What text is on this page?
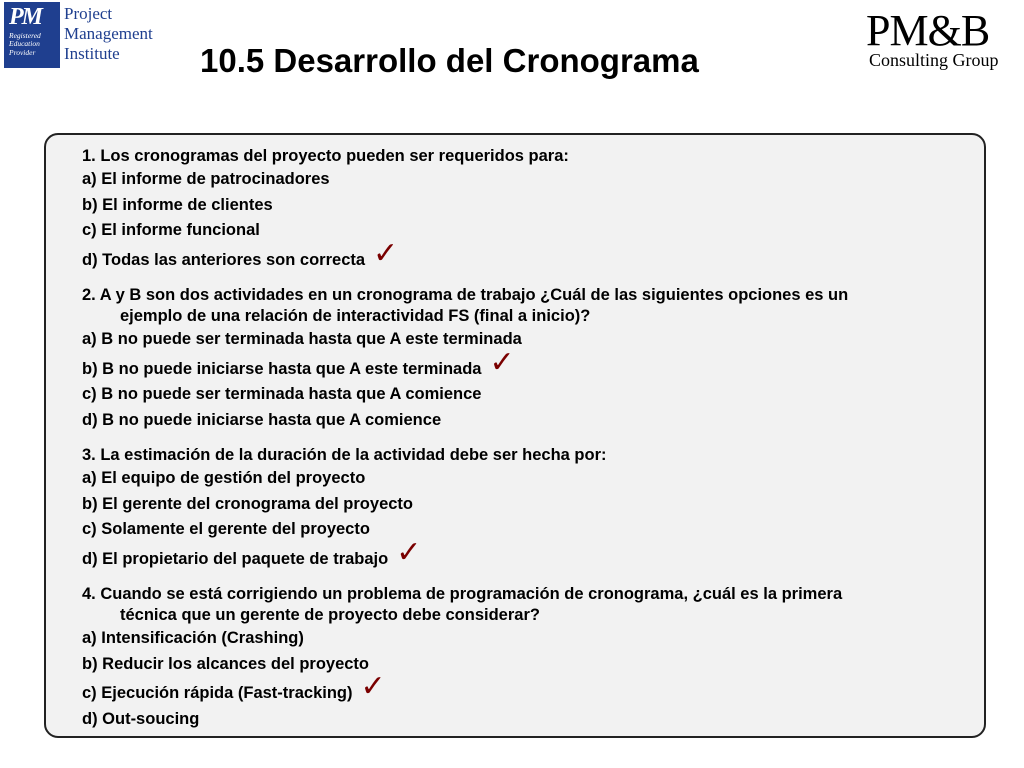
PM
Registered
Education
Provider
Project
Management
Institute	10.5 Desarrollo del Cronograma
PM&B
Consulting Group
1. Los cronogramas del proyecto pueden ser requeridos para:
a) El informe de patrocinadores
b) El informe de clientes
c) El informe funcional
d) Todas las anteriores son correcta ✓
2. A y B son dos actividades en un cronograma de trabajo ¿Cuál de las siguientes opciones es un
ejemplo de una relación de interactividad FS (final a inicio)?
a) B no puede ser terminada hasta que A este terminada
b) B no puede iniciarse hasta que A este terminada ✓
c) B no puede ser terminada hasta que A comience
d) B no puede iniciarse hasta que A comience
3. La estimación de la duración de la actividad debe ser hecha por:
a) El equipo de gestión del proyecto
b) El gerente del cronograma del proyecto
c) Solamente el gerente del proyecto
d) El propietario del paquete de trabajo ✓
4. Cuando se está corrigiendo un problema de programación de cronograma, ¿cuál es la primera
técnica que un gerente de proyecto debe considerar?
a) Intensificación (Crashing)
b) Reducir los alcances del proyecto
c) Ejecución rápida (Fast-tracking) ✓
d) Out-soucing
